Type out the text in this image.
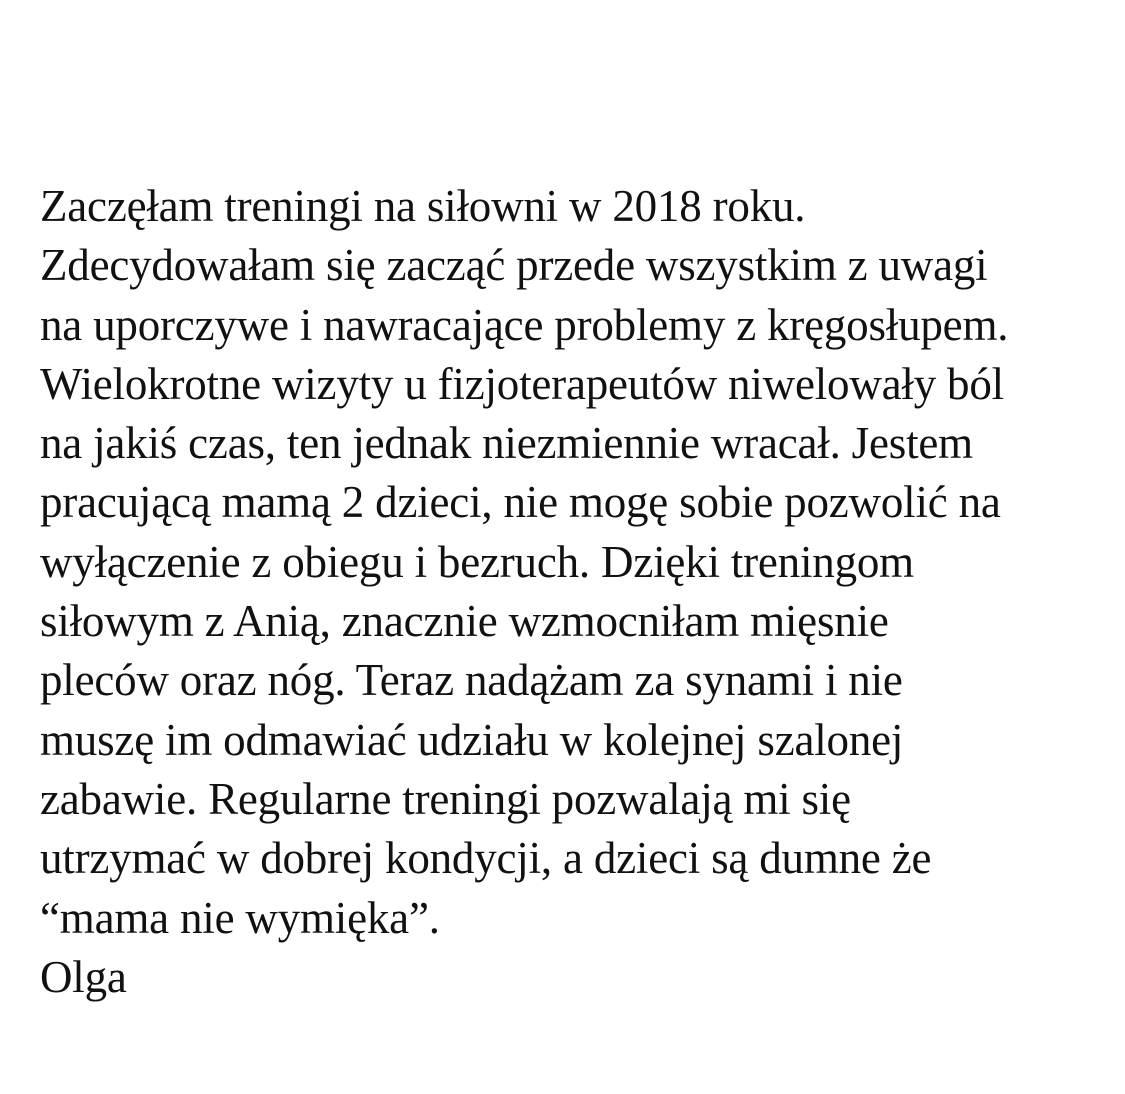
Zaczęłam treningi na siłowni w 2018 roku.
Zdecydowałam się zacząć przede wszystkim z uwagi
na uporczywe i nawracające problemy z kręgosłupem.
Wielokrotne wizyty u fizjoterapeutów niwelowały ból
na jakiś czas, ten jednak niezmiennie wracał. Jestem
pracującą mamą 2 dzieci, nie mogę sobie pozwolić na
wyłączenie z obiegu i bezruch. Dzięki treningom
siłowym z Anią, znacznie wzmocniłam mięsnie
pleców oraz nóg. Teraz nadążam za synami i nie
muszę im odmawiać udziału w kolejnej szalonej
zabawie. Regularne treningi pozwalają mi się
utrzymać w dobrej kondycji, a dzieci są dumne że
“mama nie wymięka”.
Olga
